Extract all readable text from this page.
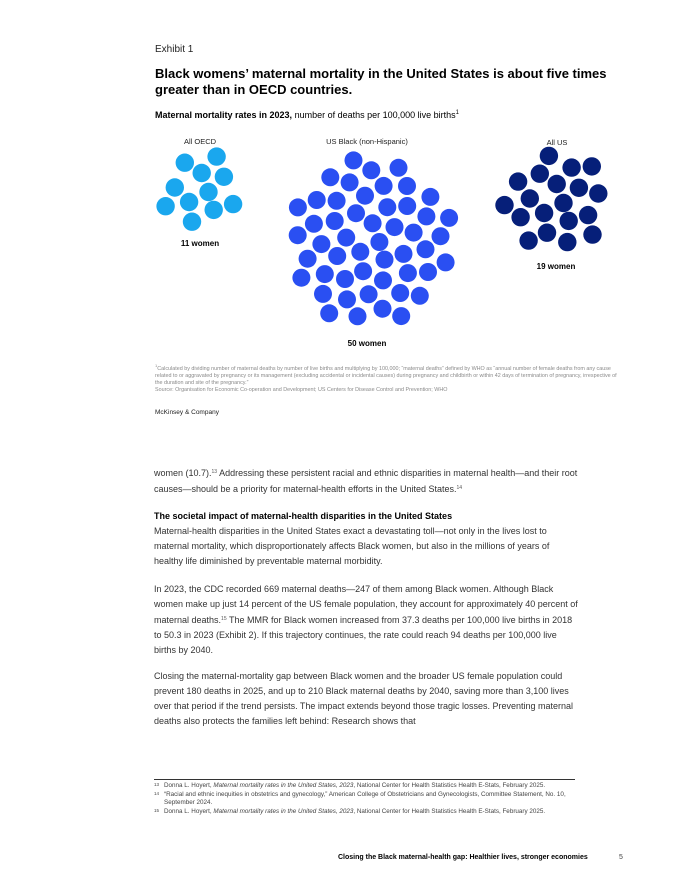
Exhibit 1
Black womens’ maternal mortality in the United States is about five times greater than in OECD countries.
Maternal mortality rates in 2023, number of deaths per 100,000 live births$^1$
All OECD	US Black (non-Hispanic)	All US
11 women
50 women
19 women

$^1$Calculated by dividing number of maternal deaths by number of live births and multiplying by 100,000; “maternal deaths” defined by WHO as “annual number of female deaths from any cause related to or aggravated by pregnancy or its management (excluding accidental or incidental causes) during pregnancy and childbirth or within 42 days of termination of pregnancy, irrespective of the duration and site of the pregnancy.”

Source: Organisation for Economic Co-operation and Development; US Centers for Disease Control and Prevention; WHO

McKinsey & Company

women (10.7).$^{13}$ Addressing these persistent racial and ethnic disparities in maternal health—and their root causes—should be a priority for maternal-health efforts in the United States.$^{14}$

The societal impact of maternal-health disparities in the United States

Maternal-health disparities in the United States exact a devastating toll—not only in the lives lost to maternal mortality, which disproportionately affects Black women, but also in the millions of years of healthy life diminished by preventable maternal morbidity.

In 2023, the CDC recorded 669 maternal deaths—247 of them among Black women. Although Black women make up just 14 percent of the US female population, they account for approximately 40 percent of maternal deaths.$^{15}$ The MMR for Black women increased from 37.3 deaths per 100,000 live births in 2018 to 50.3 in 2023 (Exhibit 2). If this trajectory continues, the rate could reach 94 deaths per 100,000 live births by 2040.

Closing the maternal-mortality gap between Black women and the broader US female population could prevent 180 deaths in 2025, and up to 210 Black maternal deaths by 2040, saving more than 3,100 lives over that period if the trend persists. The impact extends beyond those tragic losses. Preventing maternal deaths also protects the families left behind: Research shows that
13 Donna L. Hoyert, Maternal mortality rates in the United States, 2023, National Center for Health Statistics Health E-Stats, February 2025.
14 “Racial and ethnic inequities in obstetrics and gynecology,” American College of Obstetricians and Gynecologists, Committee Statement, No. 10, September 2024.
15 Donna L. Hoyert, Maternal mortality rates in the United States, 2023, National Center for Health Statistics Health E-Stats, February 2025.
Closing the Black maternal-health gap: Healthier lives, stronger economies	5
